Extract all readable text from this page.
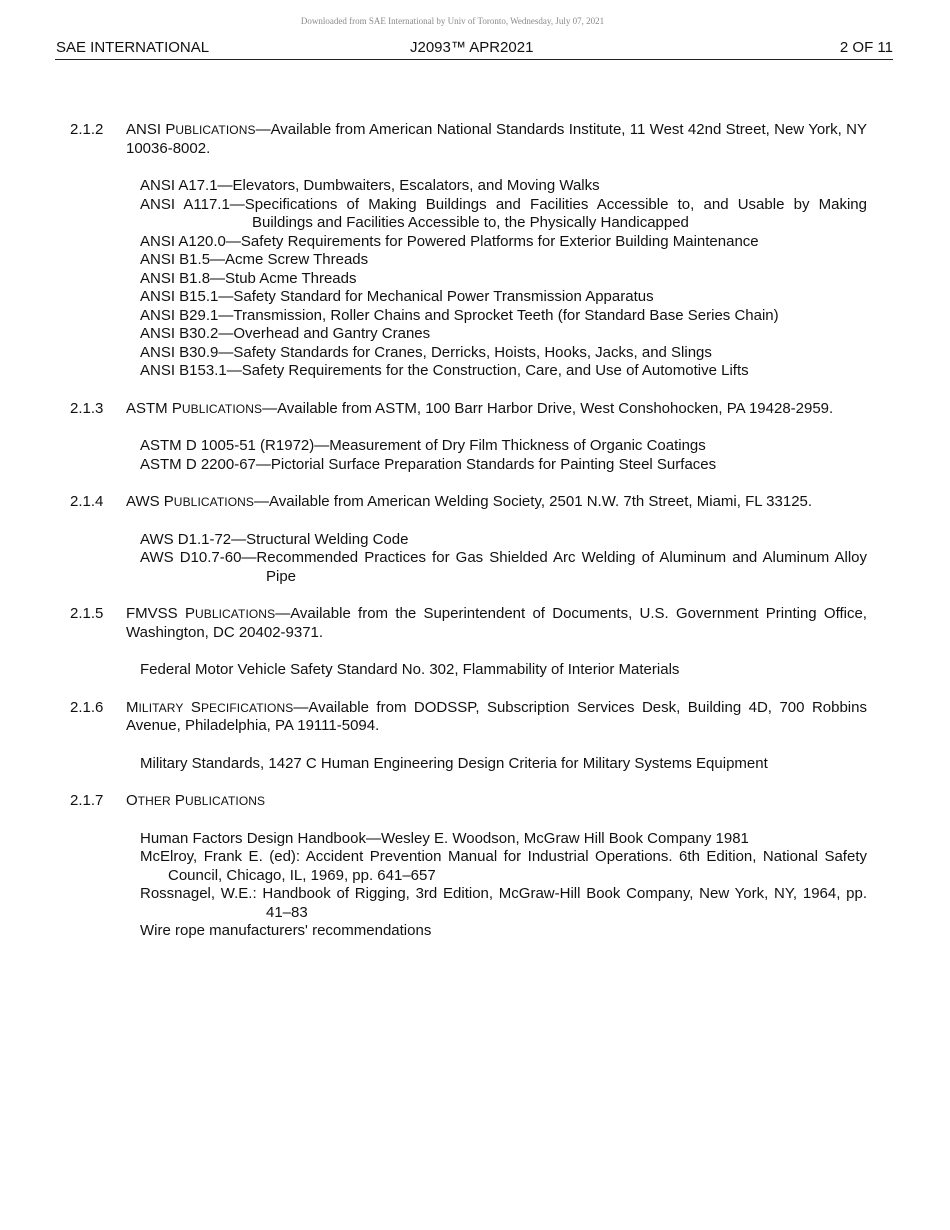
Downloaded from SAE International by Univ of Toronto, Wednesday, July 07, 2021
SAE INTERNATIONAL	J2093™ APR2021	2 OF 11
2.1.2 ANSI PUBLICATIONS—Available from American National Standards Institute, 11 West 42nd Street, New York, NY 10036-8002.
ANSI A17.1—Elevators, Dumbwaiters, Escalators, and Moving Walks
ANSI A117.1—Specifications of Making Buildings and Facilities Accessible to, and Usable by Making Buildings and Facilities Accessible to, the Physically Handicapped
ANSI A120.0—Safety Requirements for Powered Platforms for Exterior Building Maintenance
ANSI B1.5—Acme Screw Threads
ANSI B1.8—Stub Acme Threads
ANSI B15.1—Safety Standard for Mechanical Power Transmission Apparatus
ANSI B29.1—Transmission, Roller Chains and Sprocket Teeth (for Standard Base Series Chain)
ANSI B30.2—Overhead and Gantry Cranes
ANSI B30.9—Safety Standards for Cranes, Derricks, Hoists, Hooks, Jacks, and Slings
ANSI B153.1—Safety Requirements for the Construction, Care, and Use of Automotive Lifts
2.1.3 ASTM PUBLICATIONS—Available from ASTM, 100 Barr Harbor Drive, West Conshohocken, PA 19428-2959.
ASTM D 1005-51 (R1972)—Measurement of Dry Film Thickness of Organic Coatings
ASTM D 2200-67—Pictorial Surface Preparation Standards for Painting Steel Surfaces
2.1.4 AWS PUBLICATIONS—Available from American Welding Society, 2501 N.W. 7th Street, Miami, FL 33125.
AWS D1.1-72—Structural Welding Code
AWS D10.7-60—Recommended Practices for Gas Shielded Arc Welding of Aluminum and Aluminum Alloy Pipe
2.1.5 FMVSS PUBLICATIONS—Available from the Superintendent of Documents, U.S. Government Printing Office, Washington, DC 20402-9371.
Federal Motor Vehicle Safety Standard No. 302, Flammability of Interior Materials
2.1.6 MILITARY SPECIFICATIONS—Available from DODSSP, Subscription Services Desk, Building 4D, 700 Robbins Avenue, Philadelphia, PA 19111-5094.
Military Standards, 1427 C Human Engineering Design Criteria for Military Systems Equipment
2.1.7 OTHER PUBLICATIONS
Human Factors Design Handbook—Wesley E. Woodson, McGraw Hill Book Company 1981
McElroy, Frank E. (ed): Accident Prevention Manual for Industrial Operations. 6th Edition, National Safety Council, Chicago, IL, 1969, pp. 641–657
Rossnagel, W.E.: Handbook of Rigging, 3rd Edition, McGraw-Hill Book Company, New York, NY, 1964, pp. 41–83
Wire rope manufacturers' recommendations
